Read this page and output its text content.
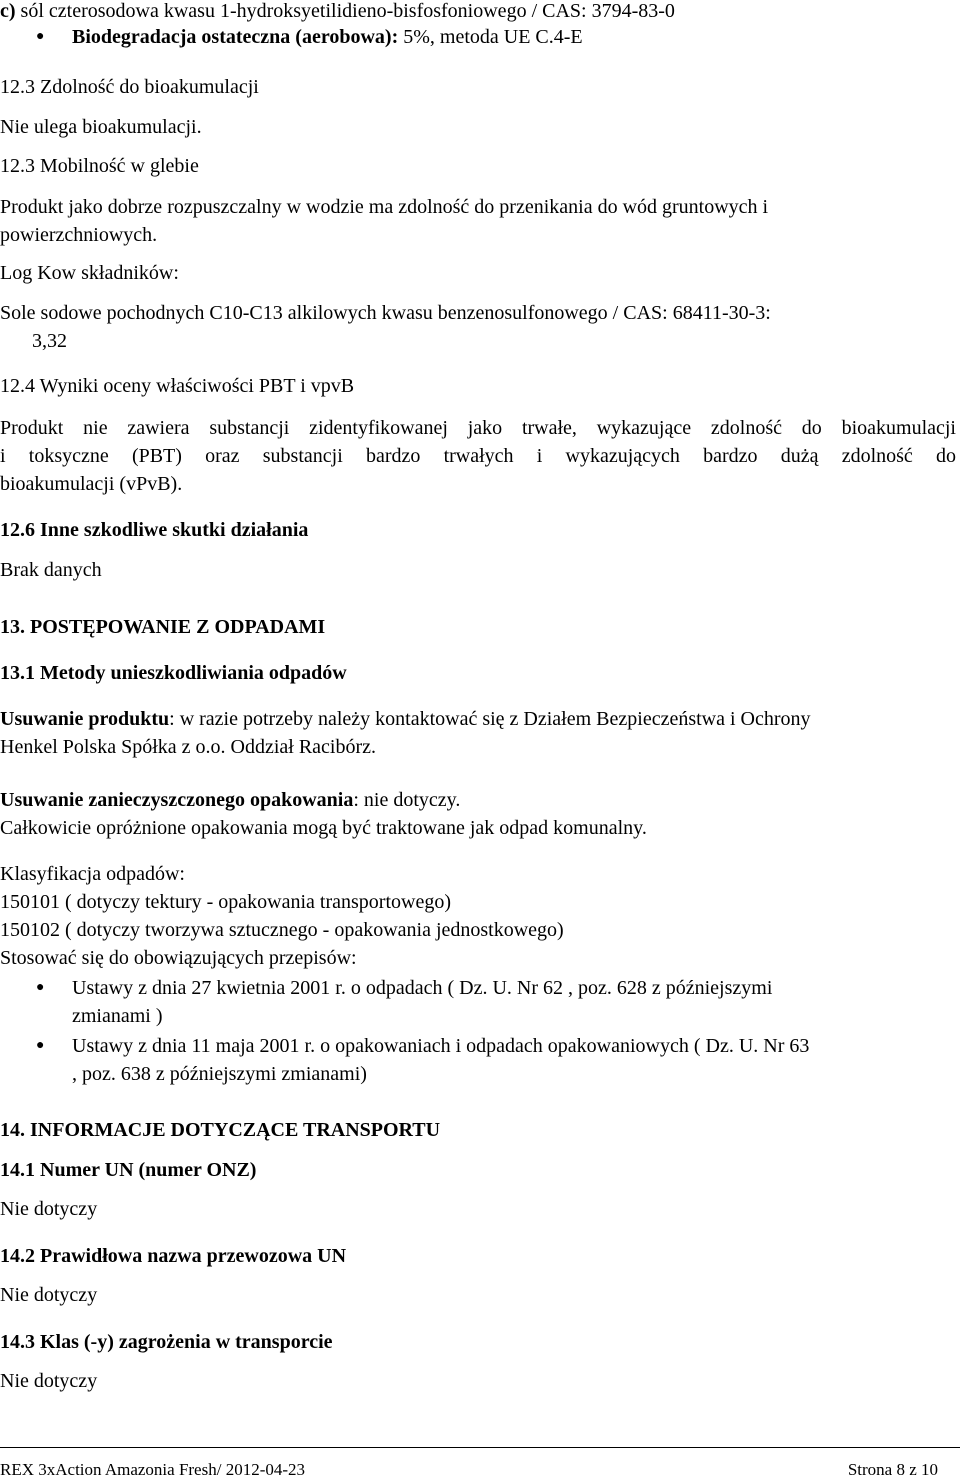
c) sól czterosodowa kwasu 1-hydroksyetilidieno-bisfosfoniowego / CAS: 3794-83-0
● Biodegradacja ostateczna (aerobowa): 5%, metoda UE C.4-E
12.3 Zdolność do bioakumulacji
Nie ulega bioakumulacji.
12.3 Mobilność w glebie
Produkt jako dobrze rozpuszczalny w wodzie ma zdolność do przenikania do wód gruntowych i
powierzchniowych.
Log Kow składników:
Sole sodowe pochodnych C10-C13 alkilowych kwasu benzenosulfonowego / CAS: 68411-30-3:
3,32
12.4 Wyniki oceny właściwości PBT i vpvB
Produkt nie zawiera substancji zidentyfikowanej jako trwałe, wykazujące zdolność do bioakumulacji
i toksyczne (PBT) oraz substancji bardzo trwałych i wykazujących bardzo dużą zdolność do
bioakumulacji (vPvB).
12.6 Inne szkodliwe skutki działania
Brak danych
13. POSTĘPOWANIE Z ODPADAMI
13.1 Metody unieszkodliwiania odpadów
Usuwanie produktu: w razie potrzeby należy kontaktować się z Działem Bezpieczeństwa i Ochrony
Henkel Polska Spółka z o.o. Oddział Racibórz.
Usuwanie zanieczyszczonego opakowania: nie dotyczy.
Całkowicie opróżnione opakowania mogą być traktowane jak odpad komunalny.
Klasyfikacja odpadów:
150101 ( dotyczy tektury - opakowania transportowego)
150102 ( dotyczy tworzywa sztucznego - opakowania jednostkowego)
Stosować się do obowiązujących przepisów:
● Ustawy z dnia 27 kwietnia 2001 r. o odpadach ( Dz. U. Nr 62 , poz. 628 z późniejszymi
zmianami )
● Ustawy z dnia 11 maja 2001 r. o opakowaniach i odpadach opakowaniowych ( Dz. U. Nr 63
, poz. 638 z późniejszymi zmianami)
14. INFORMACJE DOTYCZĄCE TRANSPORTU
14.1 Numer UN (numer ONZ)
Nie dotyczy
14.2 Prawidłowa nazwa przewozowa UN
Nie dotyczy
14.3 Klas (-y) zagrożenia w transporcie
Nie dotyczy
REX 3xAction Amazonia Fresh/ 2012-04-23	Strona 8 z 10
